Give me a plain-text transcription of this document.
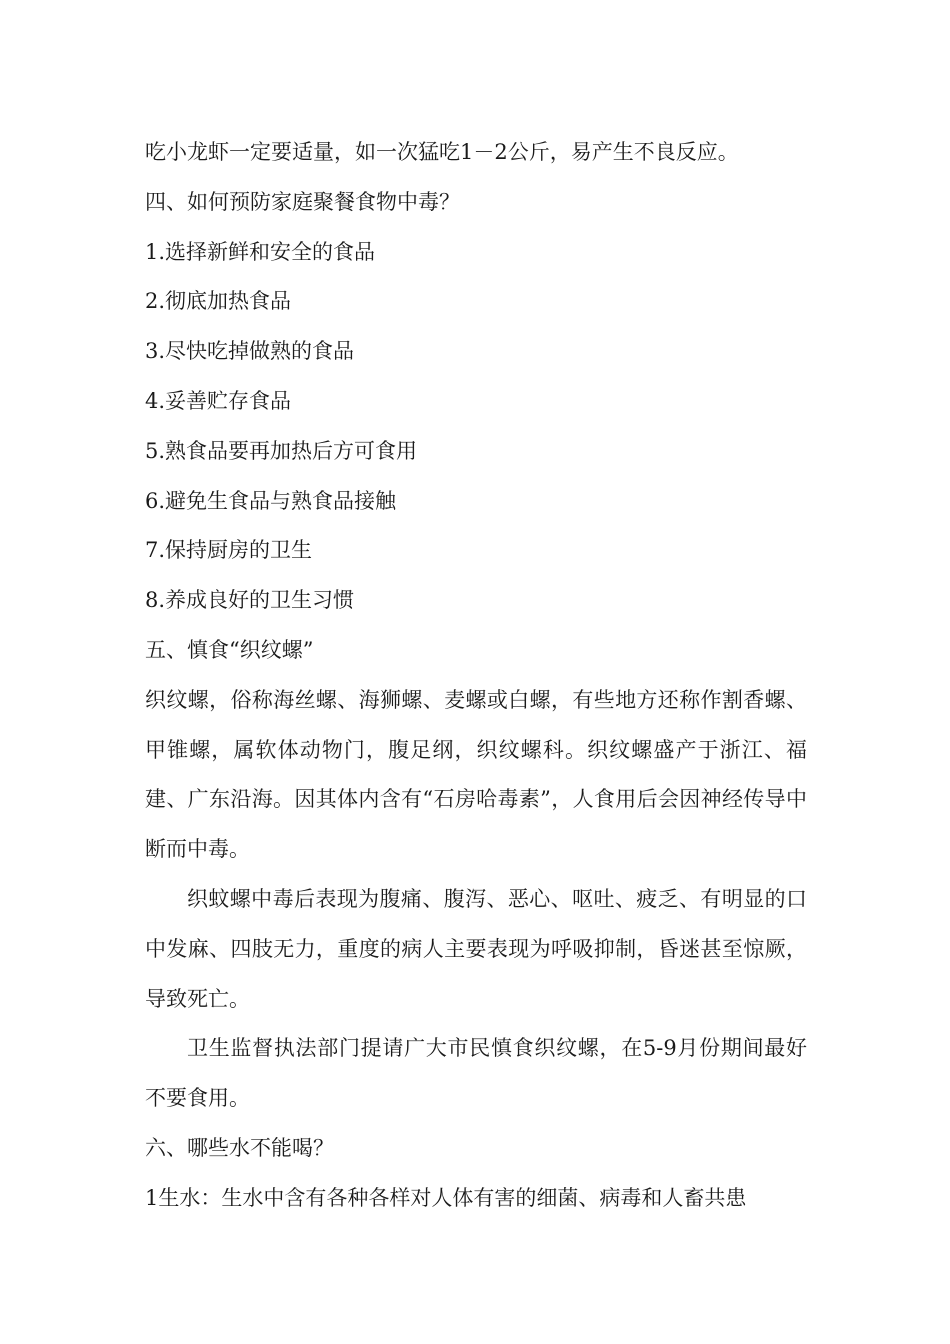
吃小龙虾一定要适量，如一次猛吃1－2公斤，易产生不良反应。

四、如何预防家庭聚餐食物中毒？

1.选择新鲜和安全的食品

2.彻底加热食品

3.尽快吃掉做熟的食品

4.妥善贮存食品

5.熟食品要再加热后方可食用

6.避免生食品与熟食品接触

7.保持厨房的卫生

8.养成良好的卫生习惯

五、慎食“织纹螺”

织纹螺，俗称海丝螺、海狮螺、麦螺或白螺，有些地方还称作割香螺、甲锥螺，属软体动物门，腹足纲，织纹螺科。织纹螺盛产于浙江、福建、广东沿海。因其体内含有“石房哈毒素”，人食用后会因神经传导中断而中毒。

织蚊螺中毒后表现为腹痛、腹泻、恶心、呕吐、疲乏、有明显的口中发麻、四肢无力，重度的病人主要表现为呼吸抑制，昏迷甚至惊厥，导致死亡。

卫生监督执法部门提请广大市民慎食织纹螺，在5-9月份期间最好不要食用。

六、哪些水不能喝？

1生水：生水中含有各种各样对人体有害的细菌、病毒和人畜共患
